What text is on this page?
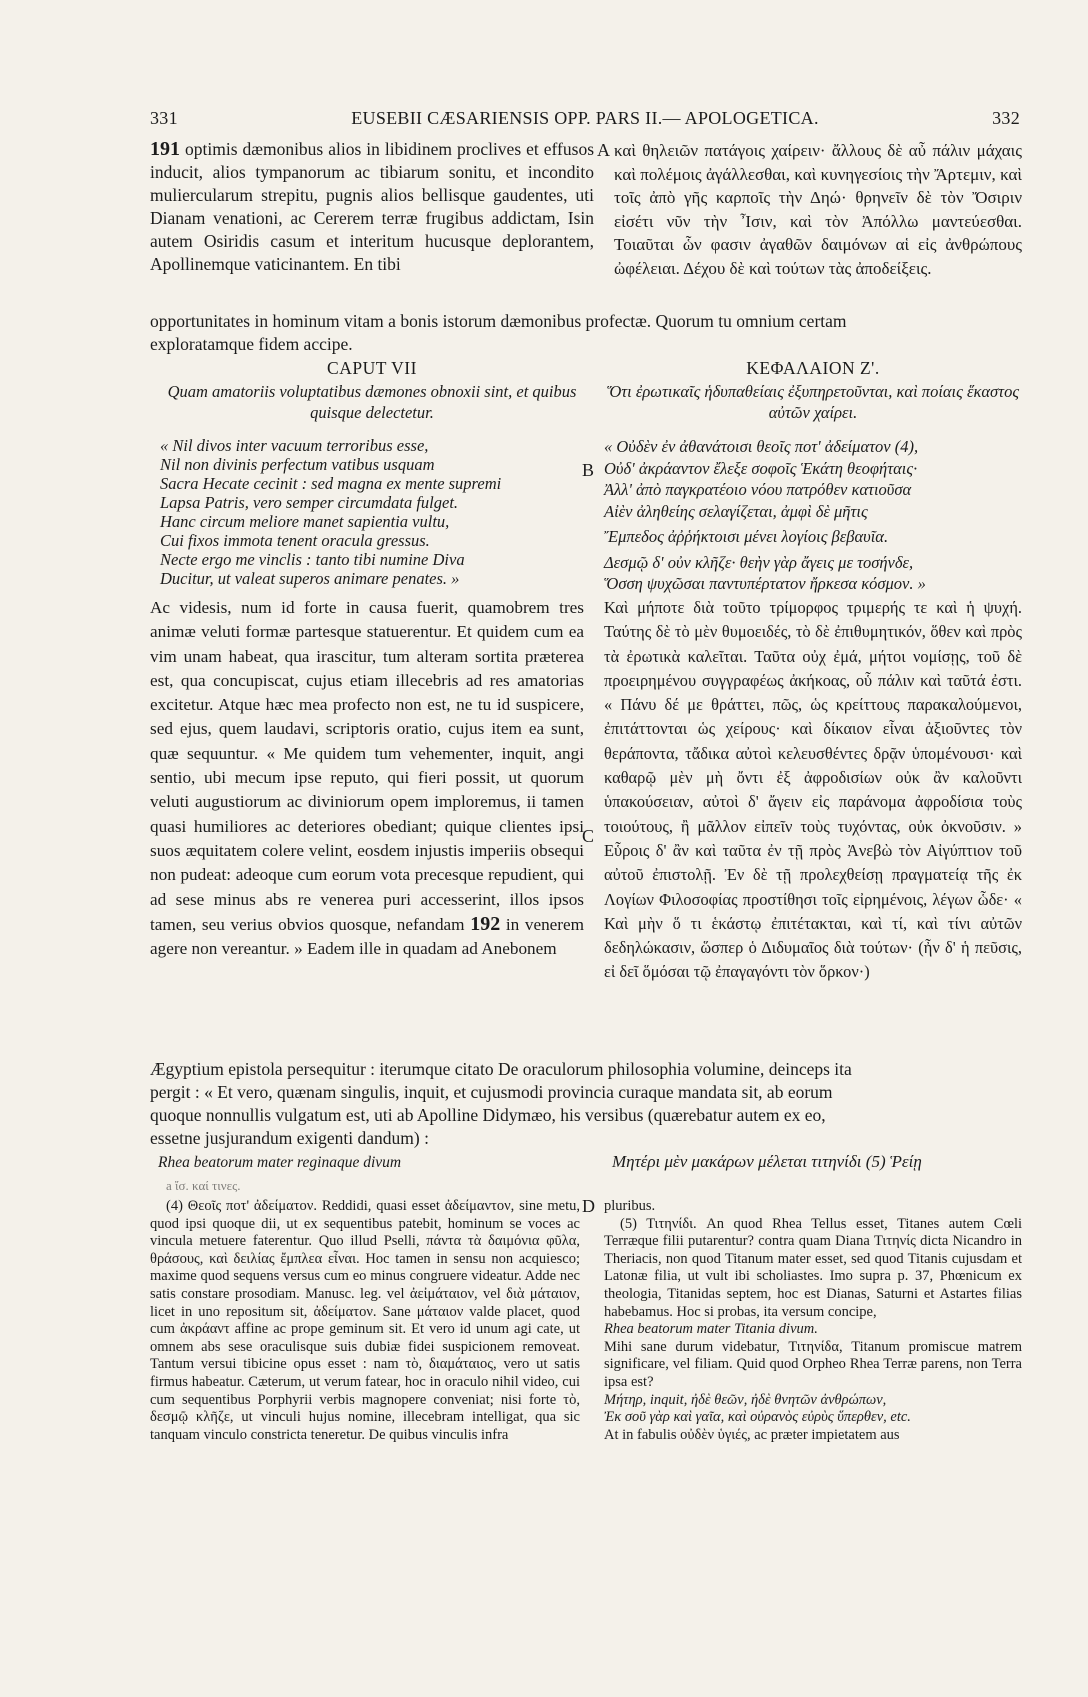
331	EUSEBII CÆSARIENSIS OPP. PARS II.— APOLOGETICA.	332

191 optimis dæmonibus alios in libidinem proclives et effusos inducit, alios tympanorum ac tibiarum sonitu, et incondito muliercularum strepitu, pugnis alios bellisque gaudentes, uti Dianam venationi, ac Cererem terræ frugibus addictam, Isin autem Osiridis casum et interitum hucusque deplorantem, Apollinemque vaticinantem. En tibi

A καὶ θηλειῶν πατάγοις χαίρειν· ἄλλους δὲ αὖ πάλιν μάχαις καὶ πολέμοις ἀγάλλεσθαι, καὶ κυνηγεσίοις τὴν Ἄρτεμιν, καὶ τοῖς ἀπὸ γῆς καρποῖς τὴν Δηώ· θρηνεῖν δὲ τὸν Ὄσιριν εἰσέτι νῦν τὴν Ἶσιν, καὶ τὸν Ἀπόλλω μαντεύεσθαι. Τοιαῦται ὧν φασιν ἀγαθῶν δαιμόνων αἱ εἰς ἀνθρώπους ὠφέλειαι. Δέχου δὲ καὶ τούτων τὰς ἀποδείξεις.

opportunitates in hominum vitam a bonis istorum dæmonibus profectæ. Quorum tu omnium certam
exploratamque fidem accipe.
CAPUT VII
Quam amatoriis voluptatibus dæmones obnoxii sint, et quibus quisque delectetur.
ΚΕΦΑΛΑΙΟΝ Ζ'.
Ὅτι ἐρωτικαῖς ἡδυπαθείαις ἐξυπηρετοῦνται, καὶ ποίαις ἕκαστος αὐτῶν χαίρει.
« Nil divos inter vacuum terroribus esse,
Nil non divinis perfectum vatibus usquam
Sacra Hecate cecinit : sed magna ex mente supremi
Lapsa Patris, vero semper circumdata fulget.
Hanc circum meliore manet sapientia vultu,
Cui fixos immota tenent oracula gressus.
Necte ergo me vinclis : tanto tibi numine Diva
Ducitur, ut valeat superos animare penates. »
B
« Οὐδὲν ἐν ἀθανάτοισι θεοῖς ποτ' ἀδείματον (4),
Οὐδ' ἀκράαντον ἔλεξε σοφοῖς Ἑκάτη θεοφήταις·
Ἀλλ' ἀπὸ παγκρατέοιο νόου πατρόθεν κατιοῦσα
Αἰὲν ἀληθείης σελαγίζεται, ἀμφὶ δὲ μῆτις
Ἔμπεδος ἀῤῥήκτοισι μένει λογίοις βεβαυῖα.
Δεσμῷ δ' οὐν κλῆζε· θεὴν γὰρ ἄγεις με τοσήνδε,
Ὅσση ψυχῶσαι παντυπέρτατον ἤρκεσα κόσμον. »

Ac videsis, num id forte in causa fuerit, quamobrem tres animæ veluti formæ partesque statuerentur. Et quidem cum ea vim unam habeat, qua irascitur, tum alteram sortita præterea est, qua concupiscat, cujus etiam illecebris ad res amatorias excitetur. Atque hæc mea profecto non est, ne tu id suspicere, sed ejus, quem laudavi, scriptoris oratio, cujus item ea sunt, quæ sequuntur. « Me quidem tum vehementer, inquit, angi sentio, ubi mecum ipse reputo, qui fieri possit, ut quorum veluti augustiorum ac diviniorum opem imploremus, ii tamen quasi humiliores ac deteriores obediant; quique clientes ipsi suos æquitatem colere velint, eosdem injustis imperiis obsequi non pudeat: adeoque cum eorum vota precesque repudient, qui ad sese minus abs re venerea puri accesserint, illos ipsos tamen, seu verius obvios quosque, nefandam 192 in venerem agere non vereantur. » Eadem ille in quadam ad Anebonem

C

Καὶ μήποτε διὰ τοῦτο τρίμορφος τριμερής τε καὶ ἡ ψυχή. Ταύτης δὲ τὸ μὲν θυμοειδές, τὸ δὲ ἐπιθυμητικόν, ὅθεν καὶ πρὸς τὰ ἐρωτικὰ καλεῖται. Ταῦτα οὐχ ἐμά, μήτοι νομίσῃς, τοῦ δὲ προειρημένου συγγραφέως ἀκήκοας, οὗ πάλιν καὶ ταῦτά ἐστι. « Πάνυ δέ με θράττει, πῶς, ὡς κρείττους παρακαλούμενοι, ἐπιτάττονται ὡς χείρους· καὶ δίκαιον εἶναι ἀξιοῦντες τὸν θεράποντα, τἄδικα αὐτοὶ κελευσθέντες δρᾷν ὑπομένουσι· καὶ καθαρῷ μὲν μὴ ὄντι ἐξ ἀφροδισίων οὐκ ἂν καλοῦντι ὑπακούσειαν, αὐτοὶ δ' ἄγειν εἰς παράνομα ἀφροδίσια τοὺς τοιούτους, ἢ μᾶλλον εἰπεῖν τοὺς τυχόντας, οὐκ ὀκνοῦσιν. » Εὗροις δ' ἂν καὶ ταῦτα ἐν τῇ πρὸς Ἀνεβὼ τὸν Αἰγύπτιον τοῦ αὐτοῦ ἐπιστολῇ. Ἐν δὲ τῇ προλεχθείσῃ πραγματείᾳ τῆς ἐκ Λογίων Φιλοσοφίας προστίθησι τοῖς εἰρημένοις, λέγων ὧδε· « Καὶ μὴν ὅ τι ἑκάστῳ ἐπιτέτακται, καὶ τί, καὶ τίνι αὐτῶν δεδηλώκασιν, ὥσπερ ὁ Διδυμαῖος διὰ τούτων· (ἦν δ' ἡ πεῦσις, εἰ δεῖ ὅμόσαι τῷ ἐπαγαγόντι τὸν ὅρκον·)

Ægyptium epistola persequitur : iterumque citato De oraculorum philosophia volumine, deinceps ita
pergit : « Et vero, quænam singulis, inquit, et cujusmodi provincia curaque mandata sit, ab eorum
quoque nonnullis vulgatum est, uti ab Apolline Didymæo, his versibus (quærebatur autem ex eo,
essetne jusjurandum exigenti dandum) :
Rhea beatorum mater reginaque divum	Μητέρι μὲν μακάρων μέλεται τιτηνίδι (5) Ῥείῃ
a ἴσ. καί τινες.

(4) Θεοῖς ποτ' ἀδείματον. Reddidi, quasi esset ἀδείμαντον, sine metu, quod ipsi quoque dii, ut ex sequentibus patebit, hominum se voces ac vincula metuere faterentur. Quo illud Pselli, πάντα τὰ δαιμόνια φῦλα, θράσους, καὶ δειλίας ἔμπλεα εἶναι. Hoc tamen in sensu non acquiesco; maxime quod sequens versus cum eo minus congruere videatur. Adde nec satis constare prosodiam. Manusc. leg. vel ἀεἰμάταιον, vel διὰ μάταιον, licet in uno repositum sit, ἀδείματον. Sane μάταιον valde placet, quod cum ἀκράαντ affine ac prope geminum sit. Et vero id unum agi cate, ut omnem abs sese oraculisque suis dubiæ fidei suspicionem removeat. Tantum versui tibicine opus esset : nam τὸ, διαμάταιος, vero ut satis firmus habeatur. Cæterum, ut verum fatear, hoc in oraculo nihil video, cui cum sequentibus Porphyrii verbis magnopere conveniat; nisi forte τὸ, δεσμῷ κλῆζε, ut vinculi hujus nomine, illecebram intelligat, qua sic tanquam vinculo constricta teneretur. De quibus vinculis infra

D pluribus.

(5) Τιτηνίδι. An quod Rhea Tellus esset, Titanes autem Cœli Terræque filii putarentur? contra quam Diana Τιτηνίς dicta Nicandro in Theriacis, non quod Titanum mater esset, sed quod Titanis cujusdam et Latonæ filia, ut vult ibi scholiastes. Imo supra p. 37, Phœnicum ex theologia, Titanidas septem, hoc est Dianas, Saturni et Astartes filias habebamus. Hoc si probas, ita versum concipe,

Rhea beatorum mater Titania divum.

Mihi sane durum videbatur, Τιτηνίδα, Titanum promiscue matrem significare, vel filiam. Quid quod Orpheo Rhea Terræ parens, non Terra ipsa est?

Μήτηρ, inquit, ἠδὲ θεῶν, ἠδὲ θνητῶν ἀνθρώπων,

Ἐκ σοῦ γὰρ καὶ γαῖα, καὶ οὐρανὸς εὐρὺς ὕπερθεν, etc.

At in fabulis οὐδὲν ὑγιές, ac præter impietatem aus
